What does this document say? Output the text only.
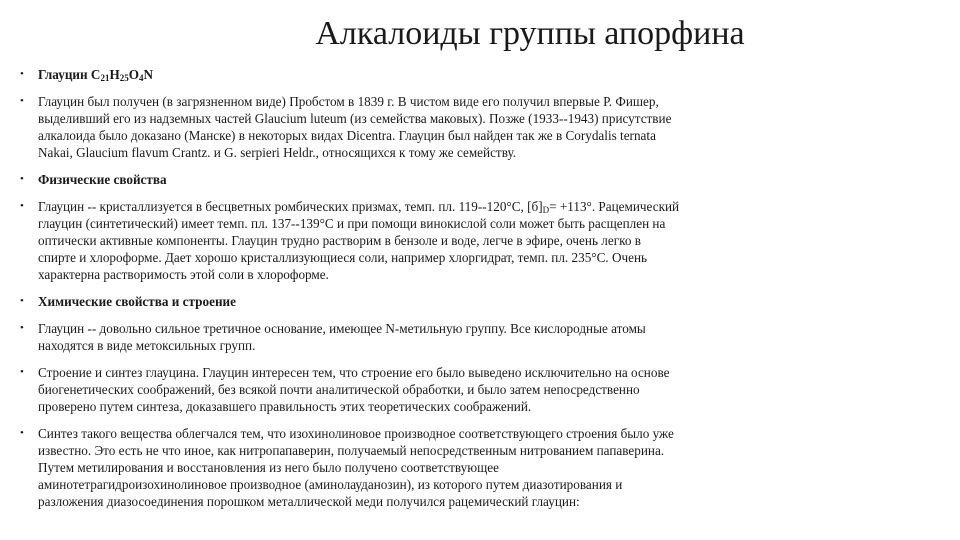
Алкалоиды группы апорфина
• Глауцин $C_{21}H_{25}O_4N$
• Глауцин был получен (в загрязненном виде) Пробстом в 1839 г. В чистом виде его получил впервые Р. Фишер,
выделивший его из надземных частей Glaucium luteum (из семейства маковых). Позже (1933--1943) присутствие
алкалоида было доказано (Манске) в некоторых видах Dicentra. Глауцин был найден так же в Corydalis ternata
Nakai, Glaucium flavum Crantz. и G. serpieri Heldr., относящихся к тому же семейству.
• Физические свойства
• Глауцин -- кристаллизуется в бесцветных ромбических призмах, темп. пл. 119--120°C, $[б]_D= +113^\circ$. Рацемический
глауцин (синтетический) имеет темп. пл. 137--139°C и при помощи винокислой соли может быть расщеплен на
оптически активные компоненты. Глауцин трудно растворим в бензоле и воде, легче в эфире, очень легко в
спирте и хлороформе. Дает хорошо кристаллизующиеся соли, например хлоргидрат, темп. пл. 235°C. Очень
характерна растворимость этой соли в хлороформе.
• Химические свойства и строение
• Глауцин -- довольно сильное третичное основание, имеющее N-метильную группу. Все кислородные атомы
находятся в виде метоксильных групп.
• Строение и синтез глауцина. Глауцин интересен тем, что строение его было выведено исключительно на основе
биогенетических соображений, без всякой почти аналитической обработки, и было затем непосредственно
проверено путем синтеза, доказавшего правильность этих теоретических соображений.
• Синтез такого вещества облегчался тем, что изохинолиновое производное соответствующего строения было уже
известно. Это есть не что иное, как нитропапаверин, получаемый непосредственным нитрованием папаверина.
Путем метилирования и восстановления из него было получено соответствующее
аминотетрагидроизохинолиновое производное (аминолауданозин), из которого путем диазотирования и
разложения диазосоединения порошком металлической меди получился рацемический глауцин:
